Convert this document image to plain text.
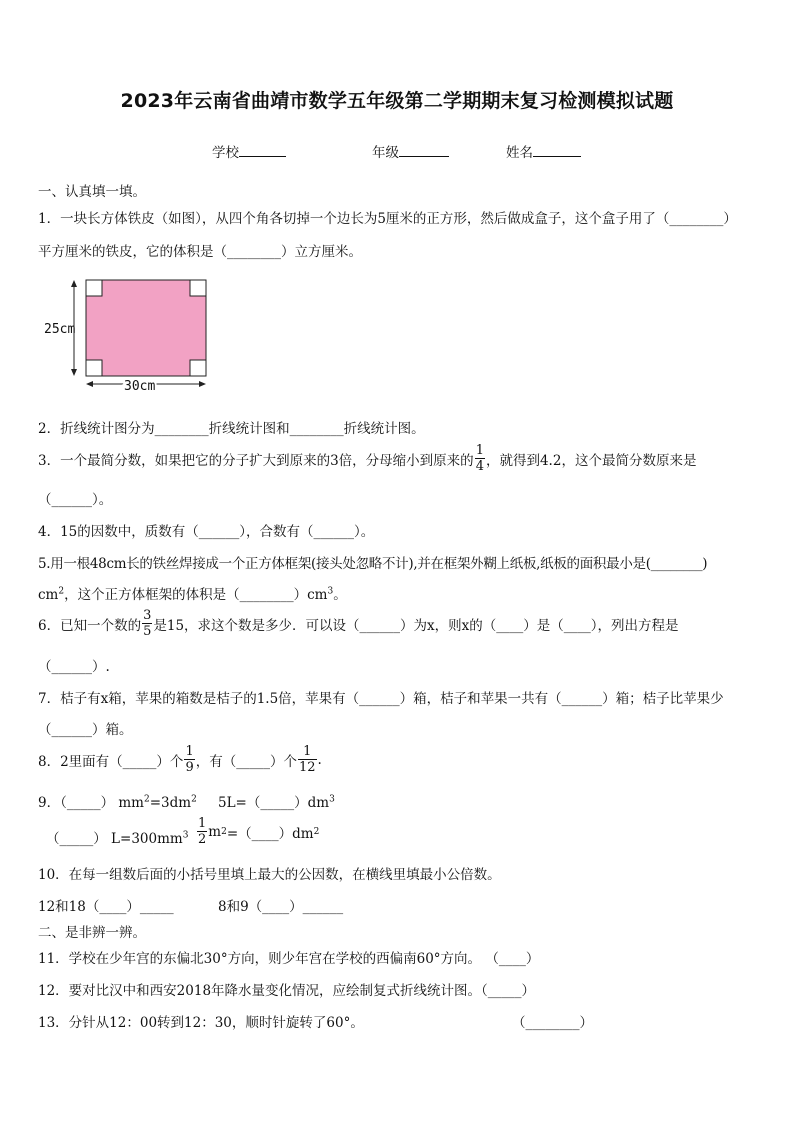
2023年云南省曲靖市数学五年级第二学期期末复习检测模拟试题
学校	年级	姓名
一、认真填一填。
1．一块长方体铁皮（如图），从四个角各切掉一个边长为5厘米的正方形，然后做成盒子，这个盒子用了（________）
平方厘米的铁皮，它的体积是（________）立方厘米。
25cm
30cm
2．折线统计图分为________折线统计图和________折线统计图。
3．一个最简分数，如果把它的分子扩大到原来的3倍，分母缩小到原来的 $\frac{1}{4}$ ，就得到4.2，这个最简分数原来是
（______）。
4．15的因数中，质数有（______），合数有（______）。
5.用一根48cm长的铁丝焊接成一个正方体框架(接头处忽略不计),并在框架外糊上纸板,纸板的面积最小是(________)
$cm^2$，这个正方体框架的体积是$(\_\_\_\_\_\_\_\_)cm^3$。
6．已知一个数的 $\frac{3}{5}$ 是15，求这个数是多少．可以设（______）为x，则x的（____）是（____），列出方程是
（______）.
7．桔子有x箱，苹果的箱数是桔子的1.5倍，苹果有（______）箱，桔子和苹果一共有（______）箱；桔子比苹果少
（______）箱。
8．2里面有（_____）个 $\frac{1}{9}$ ，有（_____）个 $\frac{1}{12}$ .
9．（_____） $mm^2=3dm^2$ $5L=(\_\_\_\_\_)dm^3$
（_____） $L=300mm^3 \frac{1}{2}$ m 2 =（____）dm 2
10．在每一组数后面的小括号里填上最大的公因数，在横线里填最小公倍数。
12和18（____）_____	8和9（____）______
二、是非辨一辨。
11．学校在少年宫的东偏北30°方向，则少年宫在学校的西偏南60°方向。 （____）
12．要对比汉中和西安2018年降水量变化情况，应绘制复式折线统计图。（_____）
13．分针从12：00转到12：30，顺时针旋转了60°。	（________）
